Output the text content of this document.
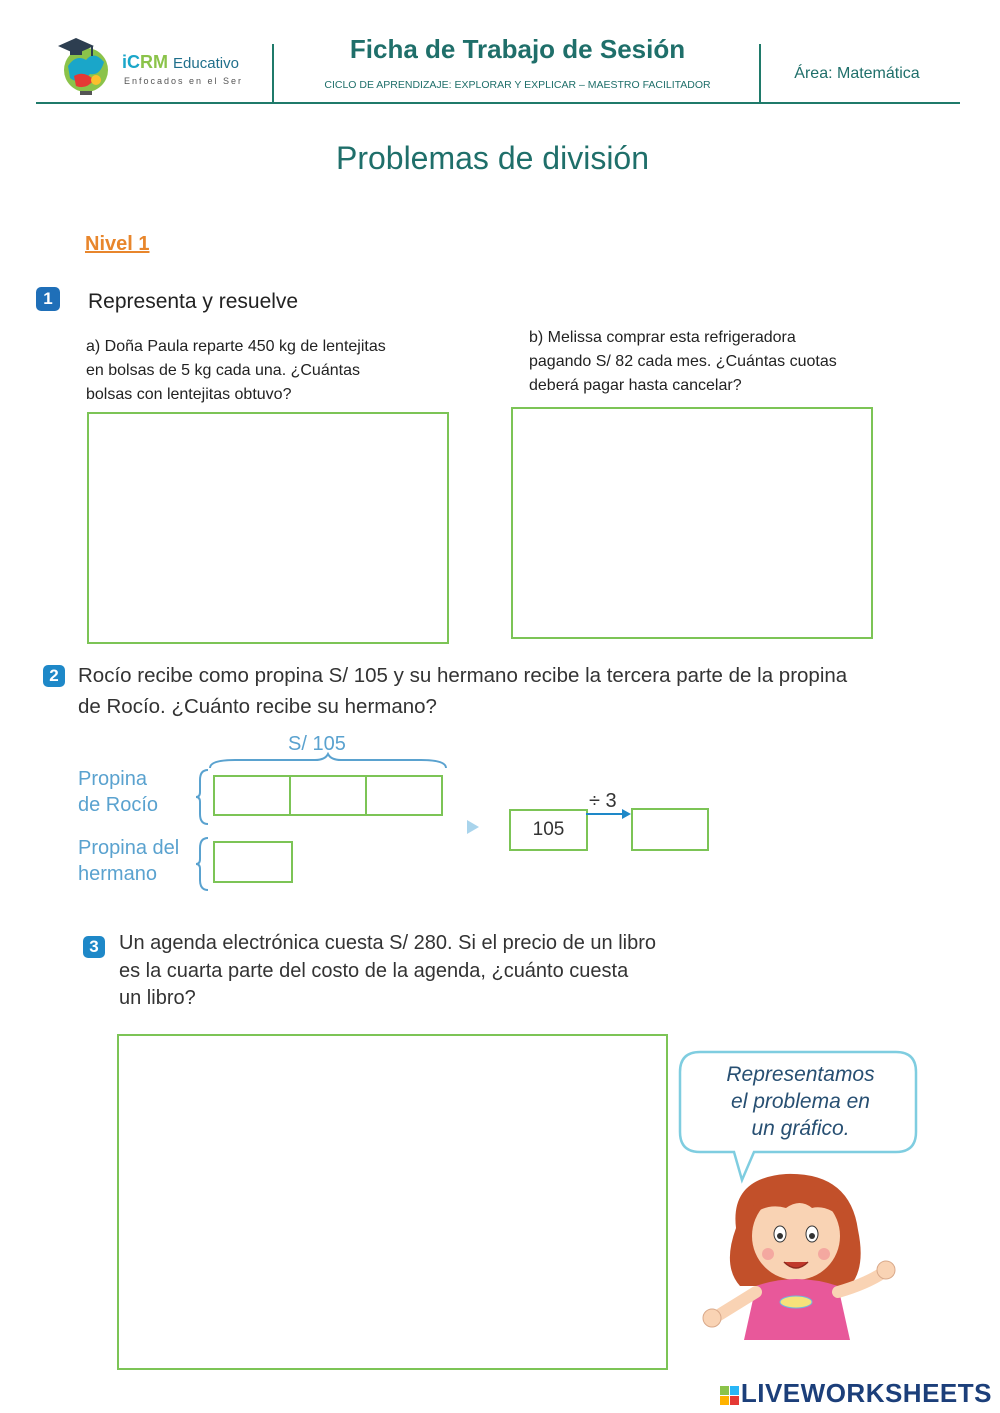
iCRM Educativo
Enfocados en el Ser
Ficha de Trabajo de Sesión
CICLO DE APRENDIZAJE: EXPLORAR Y EXPLICAR – MAESTRO FACILITADOR
Área: Matemática
Problemas de división
Nivel 1
1	Representa y resuelve
a) Doña Paula reparte 450 kg de lentejitas
en bolsas de 5 kg cada una. ¿Cuántas
bolsas con lentejitas obtuvo?
b) Melissa comprar esta refrigeradora
pagando S/ 82 cada mes. ¿Cuántas cuotas
deberá pagar hasta cancelar?
2 Rocío recibe como propina S/ 105 y su hermano recibe la tercera parte de la propina
de Rocío. ¿Cuánto recibe su hermano?
S/ 105
Propina
de Rocío
Propina del
hermano
105
÷ 3
3	Un agenda electrónica cuesta S/ 280. Si el precio de un libro
es la cuarta parte del costo de la agenda, ¿cuánto cuesta
un libro?
Representamos
el problema en
un gráfico.
LIVEWORKSHEETS
